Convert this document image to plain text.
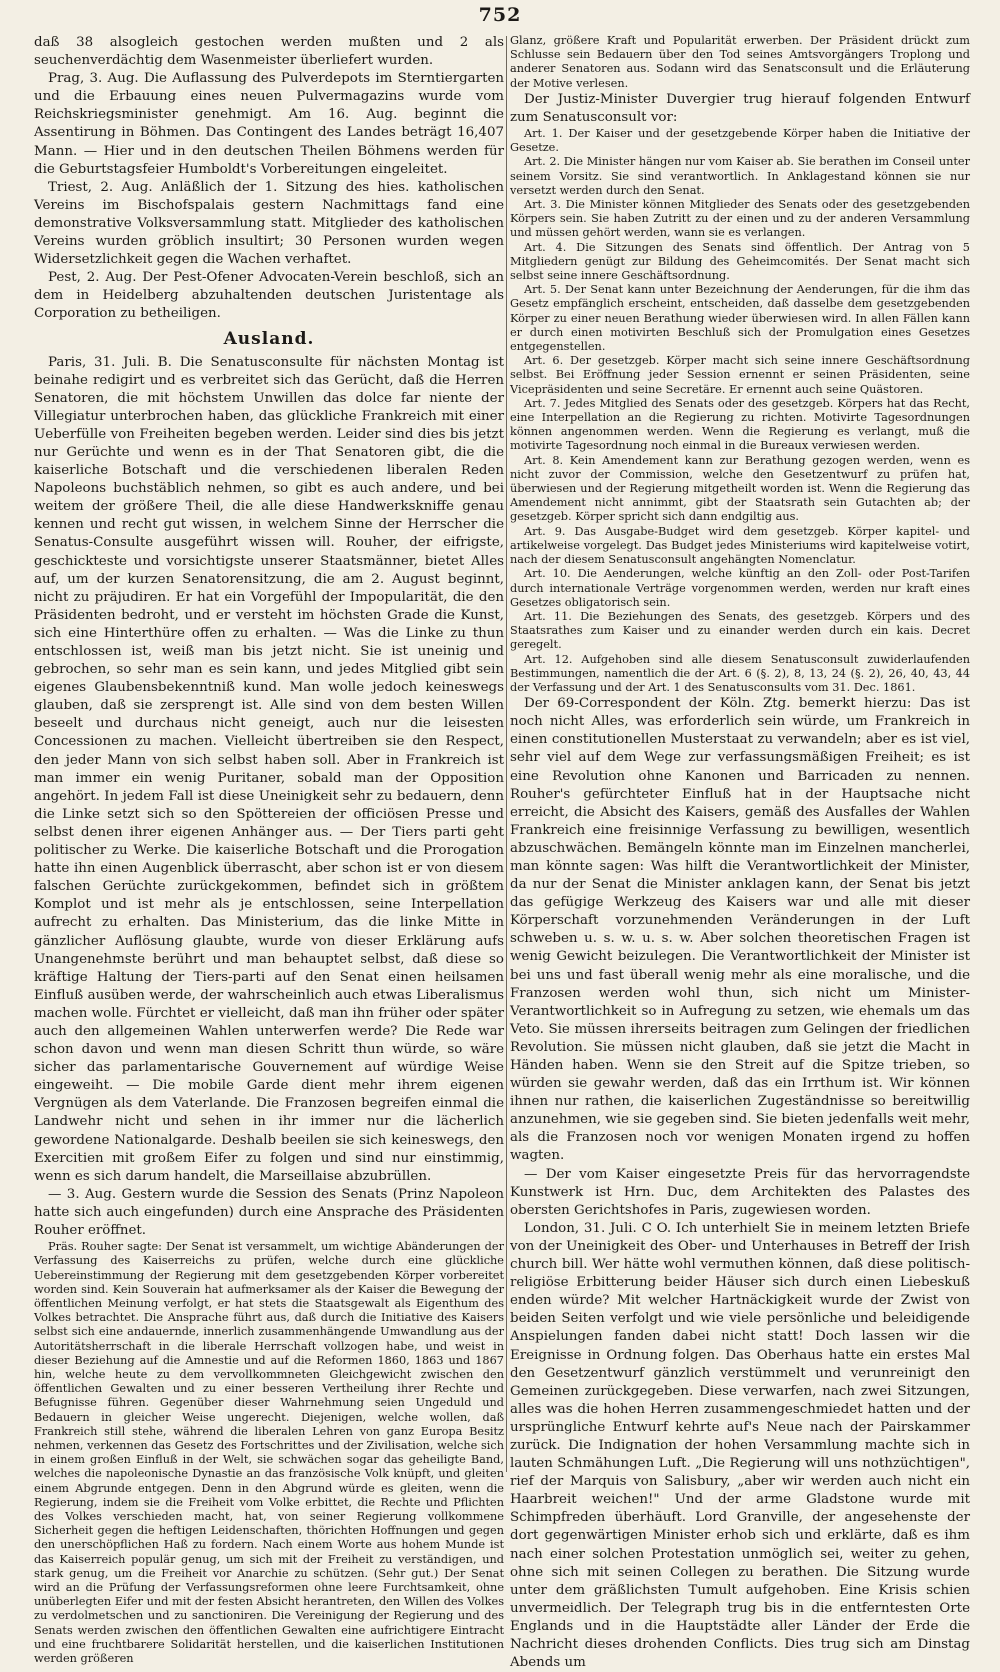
752

daß 38 alsogleich gestochen werden mußten und 2 als seuchenverdächtig dem Wasenmeister überliefert wurden.

Prag, 3. Aug. Die Auflassung des Pulverdepots im Sterntiergarten und die Erbauung eines neuen Pulvermagazins wurde vom Reichskriegsminister genehmigt. Am 16. Aug. beginnt die Assentirung in Böhmen. Das Contingent des Landes beträgt 16,407 Mann. — Hier und in den deutschen Theilen Böhmens werden für die Geburtstagsfeier Humboldt's Vorbereitungen eingeleitet.

Triest, 2. Aug. Anläßlich der 1. Sitzung des hies. katholischen Vereins im Bischofspalais gestern Nachmittags fand eine demonstrative Volksversammlung statt. Mitglieder des katholischen Vereins wurden gröblich insultirt; 30 Personen wurden wegen Widersetzlichkeit gegen die Wachen verhaftet.

Pest, 2. Aug. Der Pest-Ofener Advocaten-Verein beschloß, sich an dem in Heidelberg abzuhaltenden deutschen Juristentage als Corporation zu betheiligen.

Ausland.

Paris, 31. Juli. B. Die Senatusconsulte für nächsten Montag ist beinahe redigirt und es verbreitet sich das Gerücht, daß die Herren Senatoren, die mit höchstem Unwillen das dolce far niente der Villegiatur unterbrochen haben, das glückliche Frankreich mit einer Ueberfülle von Freiheiten begeben werden. Leider sind dies bis jetzt nur Gerüchte und wenn es in der That Senatoren gibt, die die kaiserliche Botschaft und die verschiedenen liberalen Reden Napoleons buchstäblich nehmen, so gibt es auch andere, und bei weitem der größere Theil, die alle diese Handwerkskniffe genau kennen und recht gut wissen, in welchem Sinne der Herrscher die Senatus-Consulte ausgeführt wissen will. Rouher, der eifrigste, geschickteste und vorsichtigste unserer Staatsmänner, bietet Alles auf, um der kurzen Senatorensitzung, die am 2. August beginnt, nicht zu präjudiren. Er hat ein Vorgefühl der Impopularität, die den Präsidenten bedroht, und er versteht im höchsten Grade die Kunst, sich eine Hinterthüre offen zu erhalten. — Was die Linke zu thun entschlossen ist, weiß man bis jetzt nicht. Sie ist uneinig und gebrochen, so sehr man es sein kann, und jedes Mitglied gibt sein eigenes Glaubensbekenntniß kund. Man wolle jedoch keineswegs glauben, daß sie zersprengt ist. Alle sind von dem besten Willen beseelt und durchaus nicht geneigt, auch nur die leisesten Concessionen zu machen. Vielleicht übertreiben sie den Respect, den jeder Mann von sich selbst haben soll. Aber in Frankreich ist man immer ein wenig Puritaner, sobald man der Opposition angehört. In jedem Fall ist diese Uneinigkeit sehr zu bedauern, denn die Linke setzt sich so den Spöttereien der officiösen Presse und selbst denen ihrer eigenen Anhänger aus. — Der Tiers parti geht politischer zu Werke. Die kaiserliche Botschaft und die Prorogation hatte ihn einen Augenblick überrascht, aber schon ist er von diesem falschen Gerüchte zurückgekommen, befindet sich in größtem Komplot und ist mehr als je entschlossen, seine Interpellation aufrecht zu erhalten. Das Ministerium, das die linke Mitte in gänzlicher Auflösung glaubte, wurde von dieser Erklärung aufs Unangenehmste berührt und man behauptet selbst, daß diese so kräftige Haltung der Tiers-parti auf den Senat einen heilsamen Einfluß ausüben werde, der wahrscheinlich auch etwas Liberalismus machen wolle. Fürchtet er vielleicht, daß man ihn früher oder später auch den allgemeinen Wahlen unterwerfen werde? Die Rede war schon davon und wenn man diesen Schritt thun würde, so wäre sicher das parlamentarische Gouvernement auf würdige Weise eingeweiht. — Die mobile Garde dient mehr ihrem eigenen Vergnügen als dem Vaterlande. Die Franzosen begreifen einmal die Landwehr nicht und sehen in ihr immer nur die lächerlich gewordene Nationalgarde. Deshalb beeilen sie sich keineswegs, den Exercitien mit großem Eifer zu folgen und sind nur einstimmig, wenn es sich darum handelt, die Marseillaise abzubrüllen.

— 3. Aug. Gestern wurde die Session des Senats (Prinz Napoleon hatte sich auch eingefunden) durch eine Ansprache des Präsidenten Rouher eröffnet.

Präs. Rouher sagte: Der Senat ist versammelt, um wichtige Abänderungen der Verfassung des Kaiserreichs zu prüfen, welche durch eine glückliche Uebereinstimmung der Regierung mit dem gesetzgebenden Körper vorbereitet worden sind. Kein Souverain hat aufmerksamer als der Kaiser die Bewegung der öffentlichen Meinung verfolgt, er hat stets die Staatsgewalt als Eigenthum des Volkes betrachtet. Die Ansprache führt aus, daß durch die Initiative des Kaisers selbst sich eine andauernde, innerlich zusammenhängende Umwandlung aus der Autoritätsherrschaft in die liberale Herrschaft vollzogen habe, und weist in dieser Beziehung auf die Amnestie und auf die Reformen 1860, 1863 und 1867 hin, welche heute zu dem vervollkommneten Gleichgewicht zwischen den öffentlichen Gewalten und zu einer besseren Vertheilung ihrer Rechte und Befugnisse führen. Gegenüber dieser Wahrnehmung seien Ungeduld und Bedauern in gleicher Weise ungerecht. Diejenigen, welche wollen, daß Frankreich still stehe, während die liberalen Lehren von ganz Europa Besitz nehmen, verkennen das Gesetz des Fortschrittes und der Zivilisation, welche sich in einem großen Einfluß in der Welt, sie schwächen sogar das geheiligte Band, welches die napoleonische Dynastie an das französische Volk knüpft, und gleiten einem Abgrunde entgegen. Denn in den Abgrund würde es gleiten, wenn die Regierung, indem sie die Freiheit vom Volke erbittet, die Rechte und Pflichten des Volkes verschieden macht, hat, von seiner Regierung vollkommene Sicherheit gegen die heftigen Leidenschaften, thörichten Hoffnungen und gegen den unerschöpflichen Haß zu fordern. Nach einem Worte aus hohem Munde ist das Kaiserreich populär genug, um sich mit der Freiheit zu verständigen, und stark genug, um die Freiheit vor Anarchie zu schützen. (Sehr gut.) Der Senat wird an die Prüfung der Verfassungsreformen ohne leere Furchtsamkeit, ohne unüberlegten Eifer und mit der festen Absicht herantreten, den Willen des Volkes zu verdolmetschen und zu sanctioniren. Die Vereinigung der Regierung und des Senats werden zwischen den öffentlichen Gewalten eine aufrichtigere Eintracht und eine fruchtbarere Solidarität herstellen, und die kaiserlichen Institutionen werden größeren

Glanz, größere Kraft und Popularität erwerben. Der Präsident drückt zum Schlusse sein Bedauern über den Tod seines Amtsvorgängers Troplong und anderer Senatoren aus. Sodann wird das Senatsconsult und die Erläuterung der Motive verlesen.

Der Justiz-Minister Duvergier trug hierauf folgenden Entwurf zum Senatusconsult vor:

Art. 1. Der Kaiser und der gesetzgebende Körper haben die Initiative der Gesetze.

Art. 2. Die Minister hängen nur vom Kaiser ab. Sie berathen im Conseil unter seinem Vorsitz. Sie sind verantwortlich. In Anklagestand können sie nur versetzt werden durch den Senat.

Art. 3. Die Minister können Mitglieder des Senats oder des gesetzgebenden Körpers sein. Sie haben Zutritt zu der einen und zu der anderen Versammlung und müssen gehört werden, wann sie es verlangen.

Art. 4. Die Sitzungen des Senats sind öffentlich. Der Antrag von 5 Mitgliedern genügt zur Bildung des Geheimcomités. Der Senat macht sich selbst seine innere Geschäftsordnung.

Art. 5. Der Senat kann unter Bezeichnung der Aenderungen, für die ihm das Gesetz empfänglich erscheint, entscheiden, daß dasselbe dem gesetzgebenden Körper zu einer neuen Berathung wieder überwiesen wird. In allen Fällen kann er durch einen motivirten Beschluß sich der Promulgation eines Gesetzes entgegenstellen.

Art. 6. Der gesetzgeb. Körper macht sich seine innere Geschäftsordnung selbst. Bei Eröffnung jeder Session ernennt er seinen Präsidenten, seine Vicepräsidenten und seine Secretäre. Er ernennt auch seine Quästoren.

Art. 7. Jedes Mitglied des Senats oder des gesetzgeb. Körpers hat das Recht, eine Interpellation an die Regierung zu richten. Motivirte Tagesordnungen können angenommen werden. Wenn die Regierung es verlangt, muß die motivirte Tagesordnung noch einmal in die Bureaux verwiesen werden.

Art. 8. Kein Amendement kann zur Berathung gezogen werden, wenn es nicht zuvor der Commission, welche den Gesetzentwurf zu prüfen hat, überwiesen und der Regierung mitgetheilt worden ist. Wenn die Regierung das Amendement nicht annimmt, gibt der Staatsrath sein Gutachten ab; der gesetzgeb. Körper spricht sich dann endgiltig aus.

Art. 9. Das Ausgabe-Budget wird dem gesetzgeb. Körper kapitel- und artikelweise vorgelegt. Das Budget jedes Ministeriums wird kapitelweise votirt, nach der diesem Senatusconsult angehängten Nomenclatur.

Art. 10. Die Aenderungen, welche künftig an den Zoll- oder Post-Tarifen durch internationale Verträge vorgenommen werden, werden nur kraft eines Gesetzes obligatorisch sein.

Art. 11. Die Beziehungen des Senats, des gesetzgeb. Körpers und des Staatsrathes zum Kaiser und zu einander werden durch ein kais. Decret geregelt.

Art. 12. Aufgehoben sind alle diesem Senatusconsult zuwiderlaufenden Bestimmungen, namentlich die der Art. 6 (§. 2), 8, 13, 24 (§. 2), 26, 40, 43, 44 der Verfassung und der Art. 1 des Senatusconsults vom 31. Dec. 1861.

Der 69-Correspondent der Köln. Ztg. bemerkt hierzu: Das ist noch nicht Alles, was erforderlich sein würde, um Frankreich in einen constitutionellen Musterstaat zu verwandeln; aber es ist viel, sehr viel auf dem Wege zur verfassungsmäßigen Freiheit; es ist eine Revolution ohne Kanonen und Barricaden zu nennen. Rouher's gefürchteter Einfluß hat in der Hauptsache nicht erreicht, die Absicht des Kaisers, gemäß des Ausfalles der Wahlen Frankreich eine freisinnige Verfassung zu bewilligen, wesentlich abzuschwächen. Bemängeln könnte man im Einzelnen mancherlei, man könnte sagen: Was hilft die Verantwortlichkeit der Minister, da nur der Senat die Minister anklagen kann, der Senat bis jetzt das gefügige Werkzeug des Kaisers war und alle mit dieser Körperschaft vorzunehmenden Veränderungen in der Luft schweben u. s. w. u. s. w. Aber solchen theoretischen Fragen ist wenig Gewicht beizulegen. Die Verantwortlichkeit der Minister ist bei uns und fast überall wenig mehr als eine moralische, und die Franzosen werden wohl thun, sich nicht um Minister-Verantwortlichkeit so in Aufregung zu setzen, wie ehemals um das Veto. Sie müssen ihrerseits beitragen zum Gelingen der friedlichen Revolution. Sie müssen nicht glauben, daß sie jetzt die Macht in Händen haben. Wenn sie den Streit auf die Spitze trieben, so würden sie gewahr werden, daß das ein Irrthum ist. Wir können ihnen nur rathen, die kaiserlichen Zugeständnisse so bereitwillig anzunehmen, wie sie gegeben sind. Sie bieten jedenfalls weit mehr, als die Franzosen noch vor wenigen Monaten irgend zu hoffen wagten.

— Der vom Kaiser eingesetzte Preis für das hervorragendste Kunstwerk ist Hrn. Duc, dem Architekten des Palastes des obersten Gerichtshofes in Paris, zugewiesen worden.

London, 31. Juli. C O. Ich unterhielt Sie in meinem letzten Briefe von der Uneinigkeit des Ober- und Unterhauses in Betreff der Irish church bill. Wer hätte wohl vermuthen können, daß diese politisch-religiöse Erbitterung beider Häuser sich durch einen Liebeskuß enden würde? Mit welcher Hartnäckigkeit wurde der Zwist von beiden Seiten verfolgt und wie viele persönliche und beleidigende Anspielungen fanden dabei nicht statt! Doch lassen wir die Ereignisse in Ordnung folgen. Das Oberhaus hatte ein erstes Mal den Gesetzentwurf gänzlich verstümmelt und verunreinigt den Gemeinen zurückgegeben. Diese verwarfen, nach zwei Sitzungen, alles was die hohen Herren zusammengeschmiedet hatten und der ursprüngliche Entwurf kehrte auf's Neue nach der Pairskammer zurück. Die Indignation der hohen Versammlung machte sich in lauten Schmähungen Luft. „Die Regierung will uns nothzüchtigen", rief der Marquis von Salisbury, „aber wir werden auch nicht ein Haarbreit weichen!" Und der arme Gladstone wurde mit Schimpfreden überhäuft. Lord Granville, der angesehenste der dort gegenwärtigen Minister erhob sich und erklärte, daß es ihm nach einer solchen Protestation unmöglich sei, weiter zu gehen, ohne sich mit seinen Collegen zu berathen. Die Sitzung wurde unter dem gräßlichsten Tumult aufgehoben. Eine Krisis schien unvermeidlich. Der Telegraph trug bis in die entferntesten Orte Englands und in die Hauptstädte aller Länder der Erde die Nachricht dieses drohenden Conflicts. Dies trug sich am Dinstag Abends um
